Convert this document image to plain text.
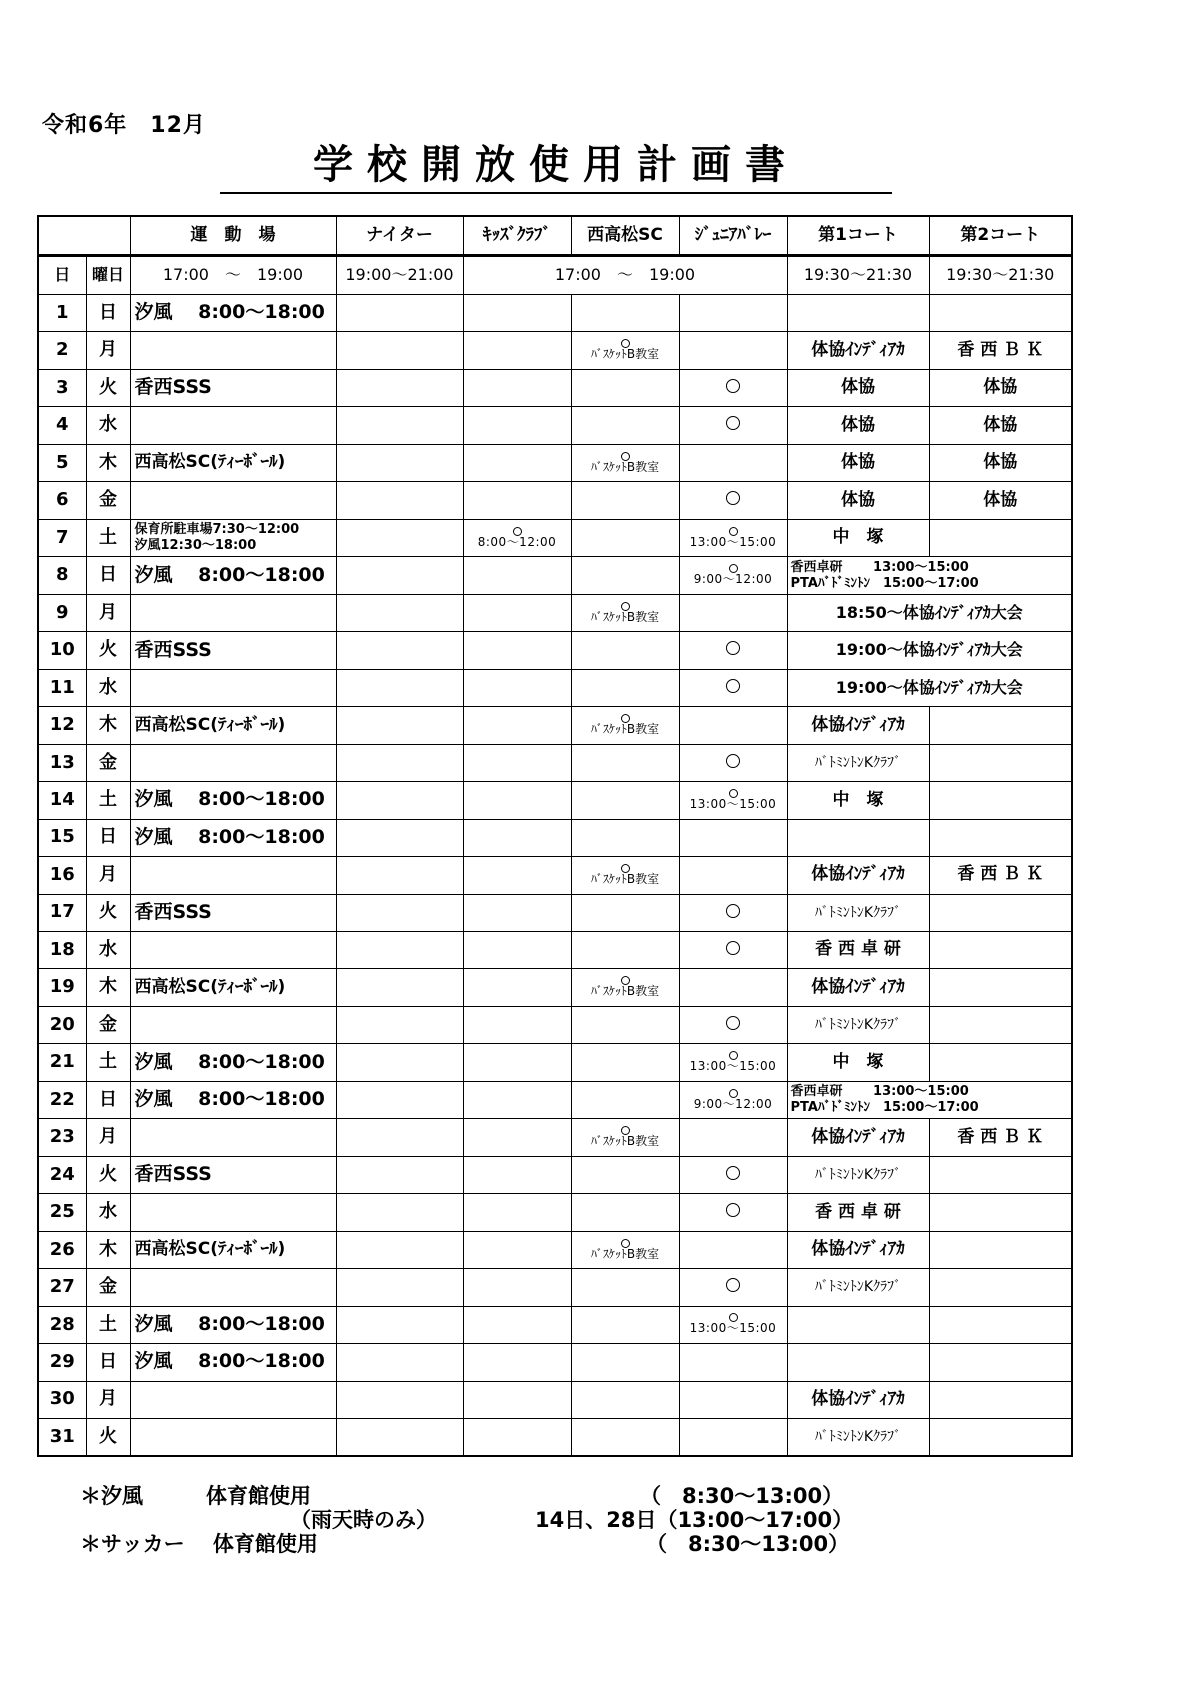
令和6年　12月
学校開放使用計画書
		運　動　場	ナイター	ｷｯｽﾞｸﾗﾌﾞ	西高松SC	ｼﾞｭﾆｱﾊﾞﾚｰ	第1コート	第2コート
日	曜日	17:00　～　19:00	19:00～21:00	17:00　～　19:00			19:30～21:30	19:30～21:30
1	日	汐風　 8:00～18:00						
2	月				ﾊﾞｽｹｯﾄB教室		体協ｲﾝﾃﾞｨｱｶ	香 西 Ｂ Ｋ
3	火	香西SSS					体協	体協
4	水						体協	体協
5	木	西高松SC(ﾃｨｰﾎﾞｰﾙ)			ﾊﾞｽｹｯﾄB教室		体協	体協
6	金						体協	体協
7	土	保育所駐車場7:30～12:00
汐風12:30～18:00		8:00～12:00		13:00～15:00	中　塚	
8	日	汐風　 8:00～18:00				9:00～12:00	香西卓研　　 13:00～15:00
PTAﾊﾞﾄﾞﾐﾝﾄﾝ　15:00～17:00	

9	月				ﾊﾞｽｹｯﾄB教室		18:50～体協ｲﾝﾃﾞｨｱｶ大会	
10	火	香西SSS					19:00～体協ｲﾝﾃﾞｨｱｶ大会	
11	水						19:00～体協ｲﾝﾃﾞｨｱｶ大会	
12	木	西高松SC(ﾃｨｰﾎﾞｰﾙ)			ﾊﾞｽｹｯﾄB教室		体協ｲﾝﾃﾞｨｱｶ	
13	金						ﾊﾞﾄﾐﾝﾄﾝKｸﾗﾌﾞ	
14	土	汐風　 8:00～18:00				13:00～15:00	中　塚	
15	日	汐風　 8:00～18:00						
16	月				ﾊﾞｽｹｯﾄB教室		体協ｲﾝﾃﾞｨｱｶ	香 西 Ｂ Ｋ
17	火	香西SSS					ﾊﾞﾄﾐﾝﾄﾝKｸﾗﾌﾞ	
18	水						香 西 卓 研	
19	木	西高松SC(ﾃｨｰﾎﾞｰﾙ)			ﾊﾞｽｹｯﾄB教室		体協ｲﾝﾃﾞｨｱｶ	
20	金						ﾊﾞﾄﾐﾝﾄﾝKｸﾗﾌﾞ	
21	土	汐風　 8:00～18:00				13:00～15:00	中　塚	
22	日	汐風　 8:00～18:00				9:00～12:00	香西卓研　　 13:00～15:00
PTAﾊﾞﾄﾞﾐﾝﾄﾝ　15:00～17:00	

23	月				ﾊﾞｽｹｯﾄB教室		体協ｲﾝﾃﾞｨｱｶ	香 西 Ｂ Ｋ
24	火	香西SSS					ﾊﾞﾄﾐﾝﾄﾝKｸﾗﾌﾞ	
25	水						香 西 卓 研	
26	木	西高松SC(ﾃｨｰﾎﾞｰﾙ)			ﾊﾞｽｹｯﾄB教室		体協ｲﾝﾃﾞｨｱｶ	
27	金						ﾊﾞﾄﾐﾝﾄﾝKｸﾗﾌﾞ	
28	土	汐風　 8:00～18:00				13:00～15:00		

29	日	汐風　 8:00～18:00						
30	月						体協ｲﾝﾃﾞｨｱｶ	
31	火						ﾊﾞﾄﾐﾝﾄﾝKｸﾗﾌﾞ	
＊汐風　　　体育館使用	（　8:30～13:00）
（雨天時のみ）	14日、28日（13:00～17:00）
＊サッカー　 体育館使用	（　8:30～13:00）
